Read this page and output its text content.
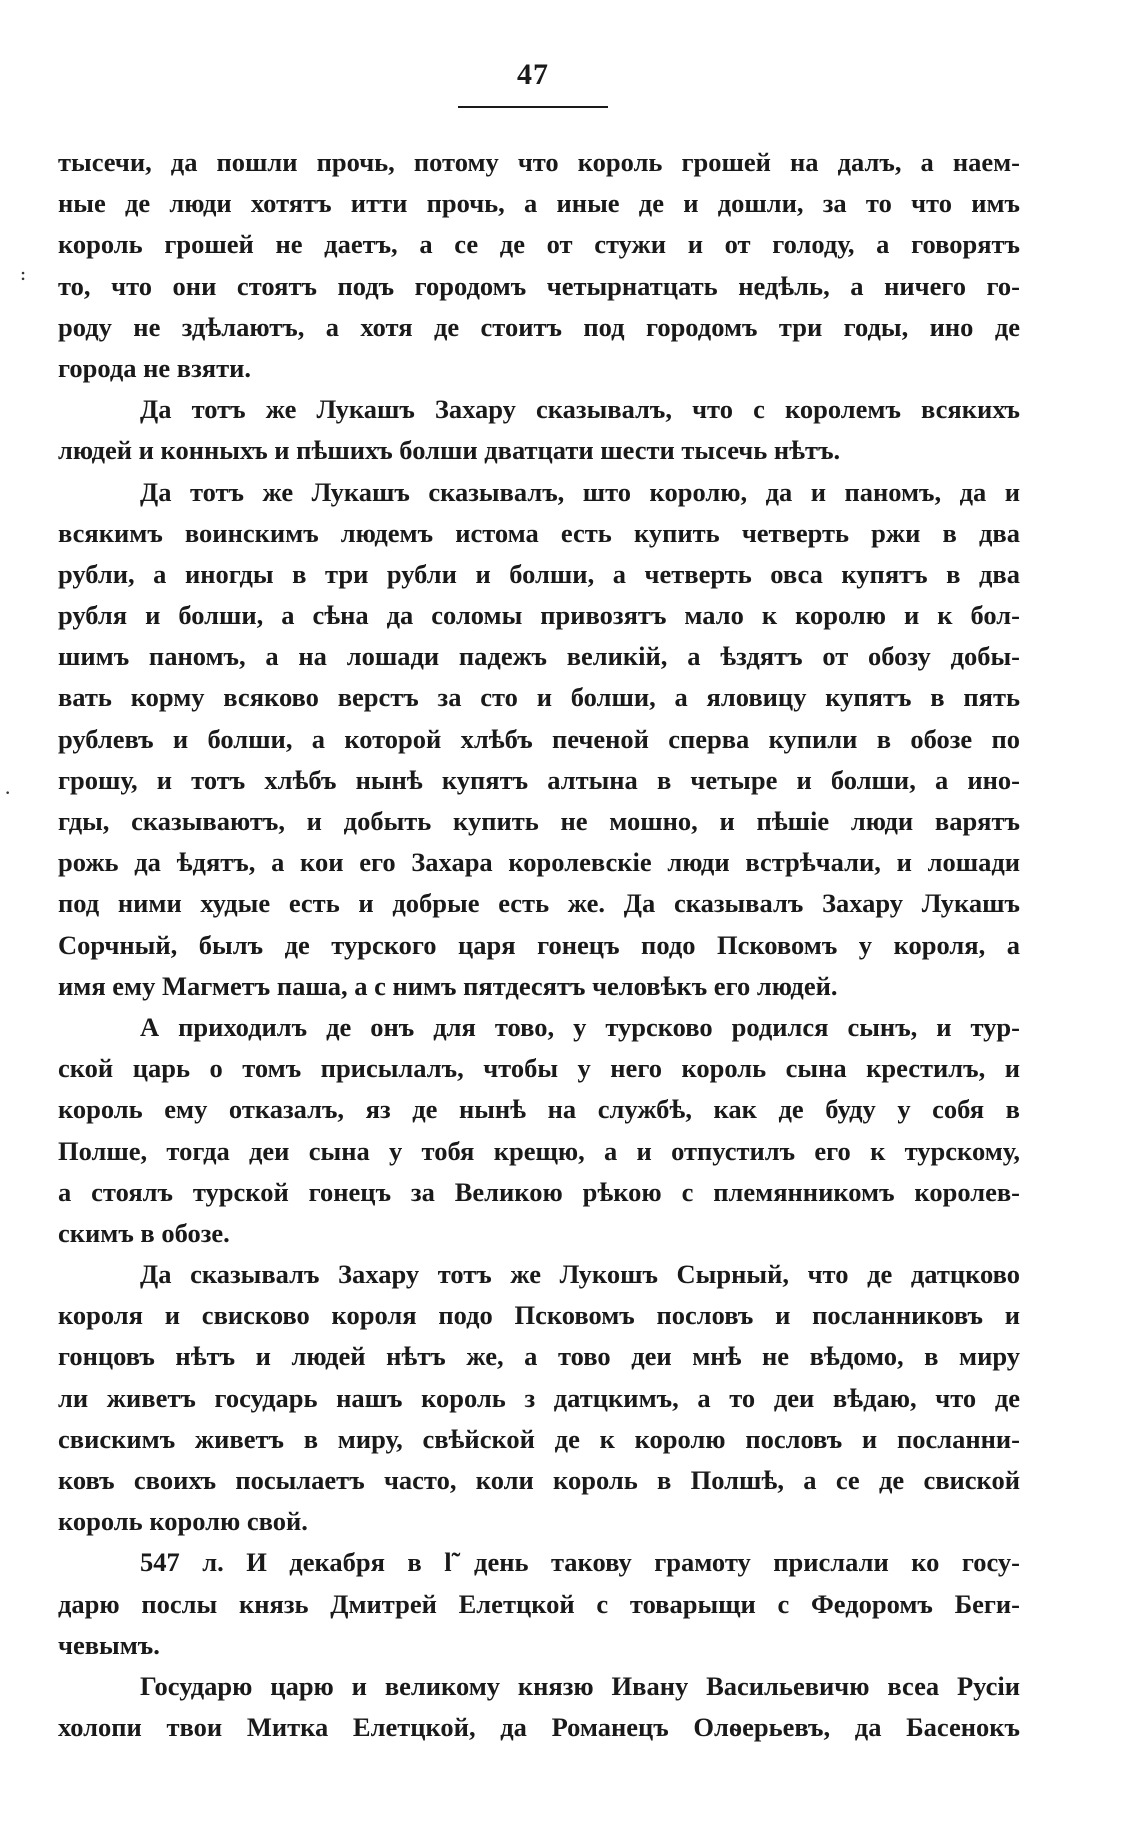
47
꞉
·
тысечи, да пошли прочь, потому что король грошей на далъ, а наем-
ные де люди хотятъ итти прочь, а иные де и дошли, за то что имъ
король грошей не даетъ, а се де от стужи и от голоду, а говорятъ
то, что они стоятъ подъ городомъ четырнатцать недѣль, а ничего го-
роду не здѣлаютъ, а хотя де стоитъ под городомъ три годы, ино де
города не взяти.
Да тотъ же Лукашъ Захару сказывалъ, что с королемъ всякихъ
людей и конныхъ и пѣшихъ болши дватцати шести тысечь нѣтъ.
Да тотъ же Лукашъ сказывалъ, што королю, да и паномъ, да и
всякимъ воинскимъ людемъ истома есть купить четверть ржи в два
рубли, а иногды в три рубли и болши, а четверть овса купятъ в два
рубля и болши, а сѣна да соломы привозятъ мало к королю и к бол-
шимъ паномъ, а на лошади падежъ великiй, а ѣздятъ от обозу добы-
вать корму всяково верстъ за сто и болши, а яловицу купятъ в пять
рублевъ и болши, а которой хлѣбъ печеной сперва купили в обозе по
грошу, и тотъ хлѣбъ нынѣ купятъ алтына в четыре и болши, а ино-
гды, сказываютъ, и добыть купить не мошно, и пѣшiе люди варятъ
рожь да ѣдятъ, а кои его Захара королевскiе люди встрѣчали, и лошади
под ними худые есть и добрые есть же. Да сказывалъ Захару Лукашъ
Сорчный, былъ де турского царя гонецъ подо Псковомъ у короля, а
имя ему Магметъ паша, а с нимъ пятдесятъ человѣкъ его людей.
А приходилъ де онъ для тово, у турсково родился сынъ, и тур-
ской царь о томъ присылалъ, чтобы у него король сына крестилъ, и
король ему отказалъ, яз де нынѣ на службѣ, как де буду у собя в
Полше, тогда деи сына у тобя крещю, а и отпустилъ его к турскому,
а стоялъ турской гонецъ за Великою рѣкою с племянникомъ королев-
скимъ в обозе.
Да сказывалъ Захару тотъ же Лукошъ Сырный, что де датцково
короля и свисково короля подо Псковомъ пословъ и посланниковъ и
гонцовъ нѣтъ и людей нѣтъ же, а тово деи мнѣ не вѣдомо, в миру
ли живетъ государь нашъ король з датцкимъ, а то деи вѣдаю, что де
свискимъ живетъ в миру, свѣйской де к королю пословъ и посланни-
ковъ своихъ посылаетъ часто, коли король в Полшѣ, а се де свиской
король королю свой.
547 л. И декабря в ӏ̃ день такову грамоту прислали ко госу-
дарю послы князь Дмитрей Елетцкой с товарыщи с Федоромъ Беги-
чевымъ.
Государю царю и великому князю Ивану Васильевичю всеа Русiи
холопи твои Митка Елетцкой, да Романецъ Олѳерьевъ, да Басенокъ
